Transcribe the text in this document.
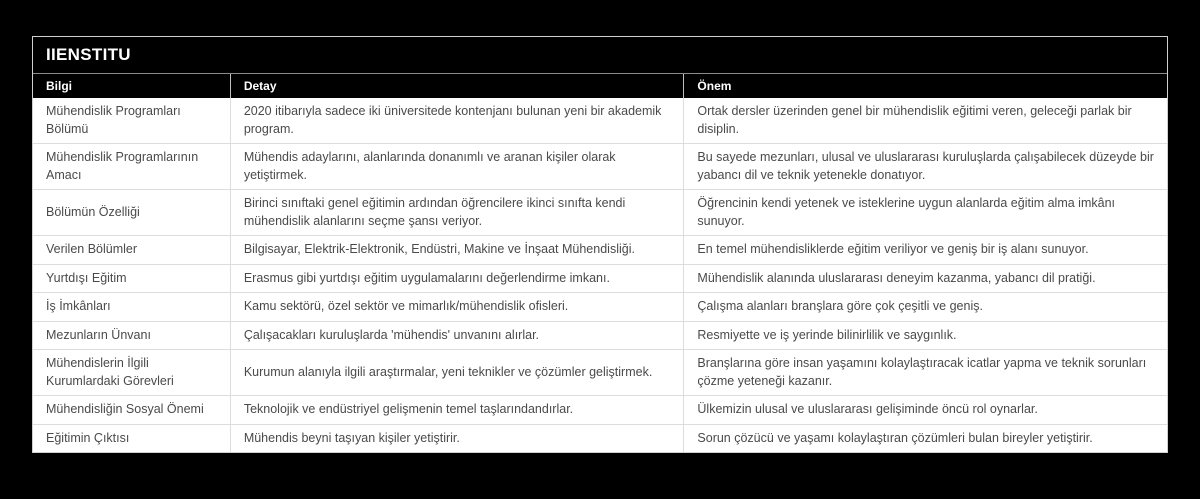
IIENSTITU
Bilgi	Detay	Önem
Mühendislik Programları Bölümü	2020 itibarıyla sadece iki üniversitede kontenjanı bulunan yeni bir akademik program.	Ortak dersler üzerinden genel bir mühendislik eğitimi veren, geleceği parlak bir disiplin.
Mühendislik Programlarının Amacı	Mühendis adaylarını, alanlarında donanımlı ve aranan kişiler olarak yetiştirmek.	Bu sayede mezunları, ulusal ve uluslararası kuruluşlarda çalışabilecek düzeyde bir yabancı dil ve teknik yetenekle donatıyor.
Bölümün Özelliği	Birinci sınıftaki genel eğitimin ardından öğrencilere ikinci sınıfta kendi mühendislik alanlarını seçme şansı veriyor.	Öğrencinin kendi yetenek ve isteklerine uygun alanlarda eğitim alma imkânı sunuyor.
Verilen Bölümler	Bilgisayar, Elektrik-Elektronik, Endüstri, Makine ve İnşaat Mühendisliği.	En temel mühendisliklerde eğitim veriliyor ve geniş bir iş alanı sunuyor.
Yurtdışı Eğitim	Erasmus gibi yurtdışı eğitim uygulamalarını değerlendirme imkanı.	Mühendislik alanında uluslararası deneyim kazanma, yabancı dil pratiği.
İş İmkânları	Kamu sektörü, özel sektör ve mimarlık/mühendislik ofisleri.	Çalışma alanları branşlara göre çok çeşitli ve geniş.
Mezunların Ünvanı	Çalışacakları kuruluşlarda 'mühendis' unvanını alırlar.	Resmiyette ve iş yerinde bilinirlilik ve saygınlık.
Mühendislerin İlgili Kurumlardaki Görevleri	Kurumun alanıyla ilgili araştırmalar, yeni teknikler ve çözümler geliştirmek.	Branşlarına göre insan yaşamını kolaylaştıracak icatlar yapma ve teknik sorunları çözme yeteneği kazanır.
Mühendisliğin Sosyal Önemi	Teknolojik ve endüstriyel gelişmenin temel taşlarındandırlar.	Ülkemizin ulusal ve uluslararası gelişiminde öncü rol oynarlar.
Eğitimin Çıktısı	Mühendis beyni taşıyan kişiler yetiştirir.	Sorun çözücü ve yaşamı kolaylaştıran çözümleri bulan bireyler yetiştirir.
